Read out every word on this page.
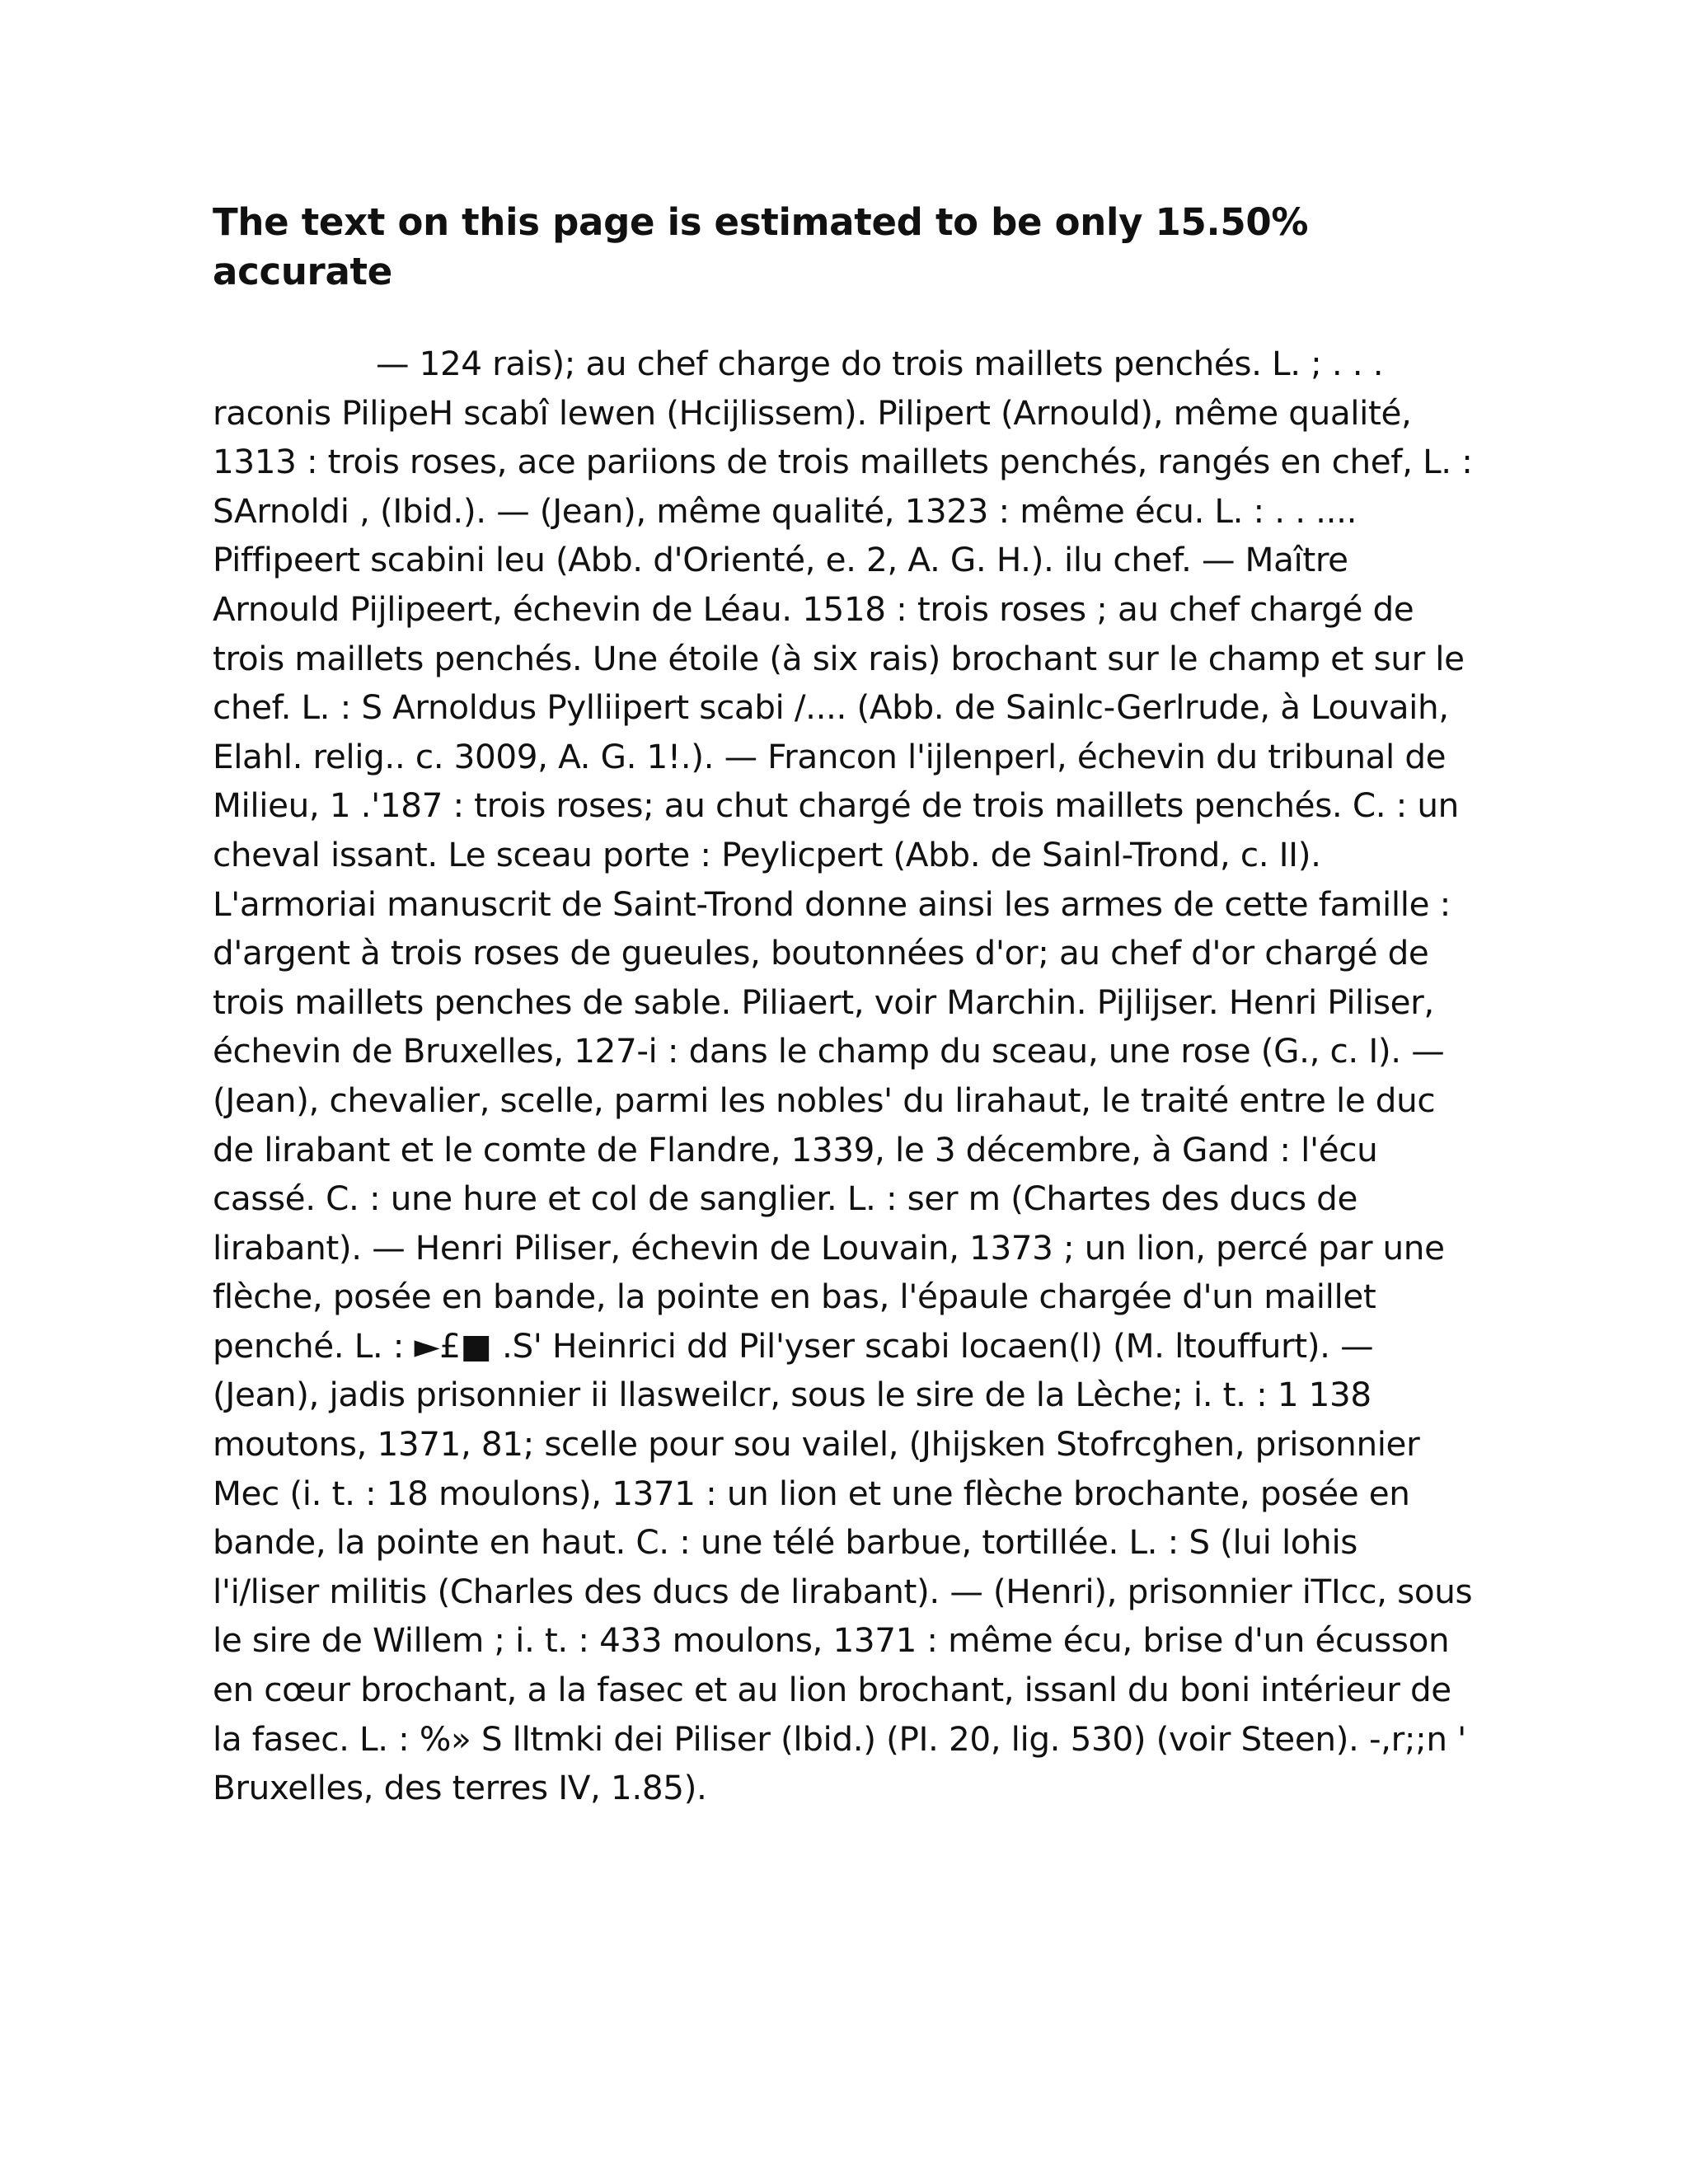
The text on this page is estimated to be only 15.50% accurate

— 124 rais); au chef charge do trois maillets penchés. L. ; . . . raconis PilipeH scabî lewen (Hcijlissem). Pilipert (Arnould), même qualité, 1313 : trois roses, ace pariions de trois maillets penchés, rangés en chef, L. : SArnoldi , (Ibid.). — (Jean), même qualité, 1323 : même écu. L. : . . .... Piffipeert scabini leu (Abb. d'Orienté, e. 2, A. G. H.). ilu chef. — Maître Arnould Pijlipeert, échevin de Léau. 1518 : trois roses ; au chef chargé de trois maillets penchés. Une étoile (à six rais) brochant sur le champ et sur le chef. L. : S Arnoldus Pylliipert scabi /.... (Abb. de Sainlc-Gerlrude, à Louvaih, Elahl. relig.. c. 3009, A. G. 1!.). — Francon l'ijlenperl, échevin du tribunal de Milieu, 1 .'187 : trois roses; au chut chargé de trois maillets penchés. C. : un cheval issant. Le sceau porte : Peylicpert (Abb. de Sainl-Trond, c. II). L'armoriai manuscrit de Saint-Trond donne ainsi les armes de cette famille : d'argent à trois roses de gueules, boutonnées d'or; au chef d'or chargé de trois maillets penches de sable. Piliaert, voir Marchin. Pijlijser. Henri Piliser, échevin de Bruxelles, 127-i : dans le champ du sceau, une rose (G., c. I). — (Jean), chevalier, scelle, parmi les nobles' du lirahaut, le traité entre le duc de lirabant et le comte de Flandre, 1339, le 3 décembre, à Gand : l'écu cassé. C. : une hure et col de sanglier. L. : ser m (Chartes des ducs de lirabant). — Henri Piliser, échevin de Louvain, 1373 ; un lion, percé par une flèche, posée en bande, la pointe en bas, l'épaule chargée d'un maillet penché. L. : ►£■ .S' Heinrici dd Pil'yser scabi locaen(l) (M. ltouffurt). — (Jean), jadis prisonnier ii llasweilcr, sous le sire de la Lèche; i. t. : 1 138 moutons, 1371, 81; scelle pour sou vailel, (Jhijsken Stofrcghen, prisonnier Mec (i. t. : 18 moulons), 1371 : un lion et une flèche brochante, posée en bande, la pointe en haut. C. : une télé barbue, tortillée. L. : S (lui lohis l'i/liser militis (Charles des ducs de lirabant). — (Henri), prisonnier iTIcc, sous le sire de Willem ; i. t. : 433 moulons, 1371 : même écu, brise d'un écusson en cœur brochant, a la fasec et au lion brochant, issanl du boni intérieur de la fasec. L. : %» S lltmki dei Piliser (lbid.) (PI. 20, lig. 530) (voir Steen). -,r;;n ' Bruxelles, des terres IV, 1.85).
